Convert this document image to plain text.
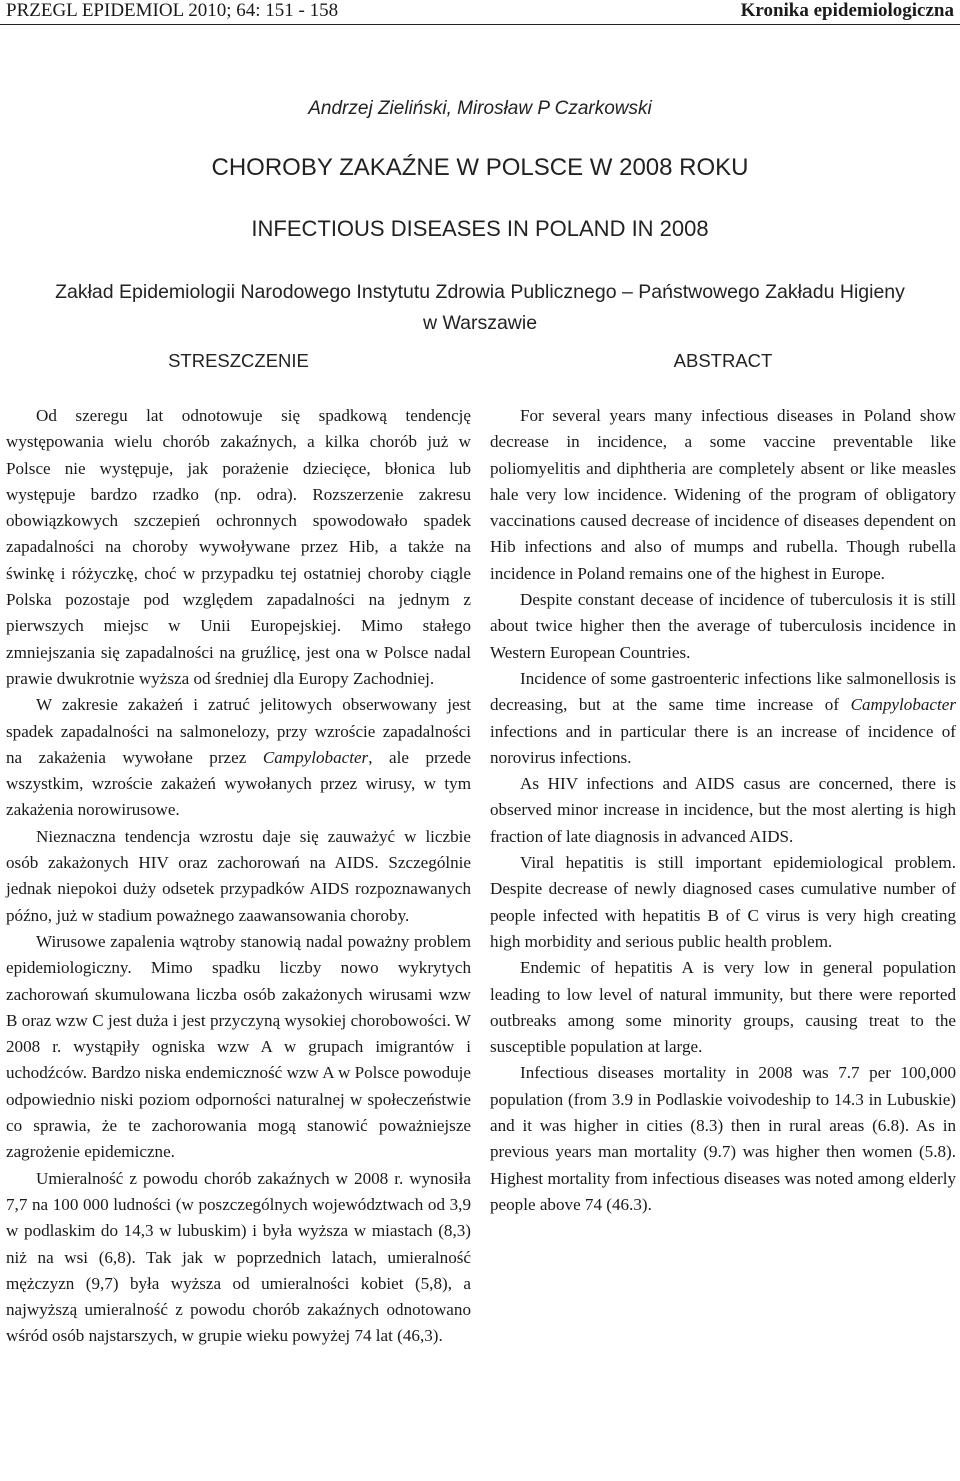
PRZEGL EPIDEMIOL 2010; 64: 151 - 158	Kronika epidemiologiczna
Andrzej Zieliński, Mirosław P Czarkowski
CHOROBY ZAKAŹNE W POLSCE W 2008 ROKU
INFECTIOUS DISEASES IN POLAND IN 2008
Zakład Epidemiologii Narodowego Instytutu Zdrowia Publicznego – Państwowego Zakładu Higieny
w Warszawie
STRESZCZENIE	ABSTRACT

Od szeregu lat odnotowuje się spadkową tendencję występowania wielu chorób zakaźnych, a kilka chorób już w Polsce nie występuje, jak porażenie dziecięce, błonica lub występuje bardzo rzadko (np. odra). Rozszerzenie zakresu obowiązkowych szczepień ochronnych spowodowało spadek zapadalności na choroby wywoływane przez Hib, a także na świnkę i różyczkę, choć w przypadku tej ostatniej choroby ciągle Polska pozostaje pod względem zapadalności na jednym z pierwszych miejsc w Unii Europejskiej. Mimo stałego zmniejszania się zapadalności na gruźlicę, jest ona w Polsce nadal prawie dwukrotnie wyższa od średniej dla Europy Zachodniej.

W zakresie zakażeń i zatruć jelitowych obserwowany jest spadek zapadalności na salmonelozy, przy wzroście zapadalności na zakażenia wywołane przez Campylobacter, ale przede wszystkim, wzroście zakażeń wywołanych przez wirusy, w tym zakażenia norowirusowe.

Nieznaczna tendencja wzrostu daje się zauważyć w liczbie osób zakażonych HIV oraz zachorowań na AIDS. Szczególnie jednak niepokoi duży odsetek przypadków AIDS rozpoznawanych późno, już w stadium poważnego zaawansowania choroby.

Wirusowe zapalenia wątroby stanowią nadal poważny problem epidemiologiczny. Mimo spadku liczby nowo wykrytych zachorowań skumulowana liczba osób zakażonych wirusami wzw B oraz wzw C jest duża i jest przyczyną wysokiej chorobowości. W 2008 r. wystąpiły ogniska wzw A w grupach imigrantów i uchodźców. Bardzo niska endemiczność wzw A w Polsce powoduje odpowiednio niski poziom odporności naturalnej w społeczeństwie co sprawia, że te zachorowania mogą stanowić poważniejsze zagrożenie epidemiczne.

Umieralność z powodu chorób zakaźnych w 2008 r. wynosiła 7,7 na 100 000 ludności (w poszczególnych województwach od 3,9 w podlaskim do 14,3 w lubuskim) i była wyższa w miastach (8,3) niż na wsi (6,8). Tak jak w poprzednich latach, umieralność mężczyzn (9,7) była wyższa od umieralności kobiet (5,8), a najwyższą umieralność z powodu chorób zakaźnych odnotowano wśród osób najstarszych, w grupie wieku powyżej 74 lat (46,3).

For several years many infectious diseases in Poland show decrease in incidence, a some vaccine preventable like poliomyelitis and diphtheria are completely absent or like measles hale very low incidence. Widening of the program of obligatory vaccinations caused decrease of incidence of diseases dependent on Hib infections and also of mumps and rubella. Though rubella incidence in Poland remains one of the highest in Europe.

Despite constant decease of incidence of tuberculosis it is still about twice higher then the average of tuberculosis incidence in Western European Countries.

Incidence of some gastroenteric infections like salmonellosis is decreasing, but at the same time increase of Campylobacter infections and in particular there is an increase of incidence of norovirus infections.

As HIV infections and AIDS casus are concerned, there is observed minor increase in incidence, but the most alerting is high fraction of late diagnosis in advanced AIDS.

Viral hepatitis is still important epidemiological problem. Despite decrease of newly diagnosed cases cumulative number of people infected with hepatitis B of C virus is very high creating high morbidity and serious public health problem.

Endemic of hepatitis A is very low in general population leading to low level of natural immunity, but there were reported outbreaks among some minority groups, causing treat to the susceptible population at large.

Infectious diseases mortality in 2008 was 7.7 per 100,000 population (from 3.9 in Podlaskie voivodeship to 14.3 in Lubuskie) and it was higher in cities (8.3) then in rural areas (6.8). As in previous years man mortality (9.7) was higher then women (5.8). Highest mortality from infectious diseases was noted among elderly people above 74 (46.3).
